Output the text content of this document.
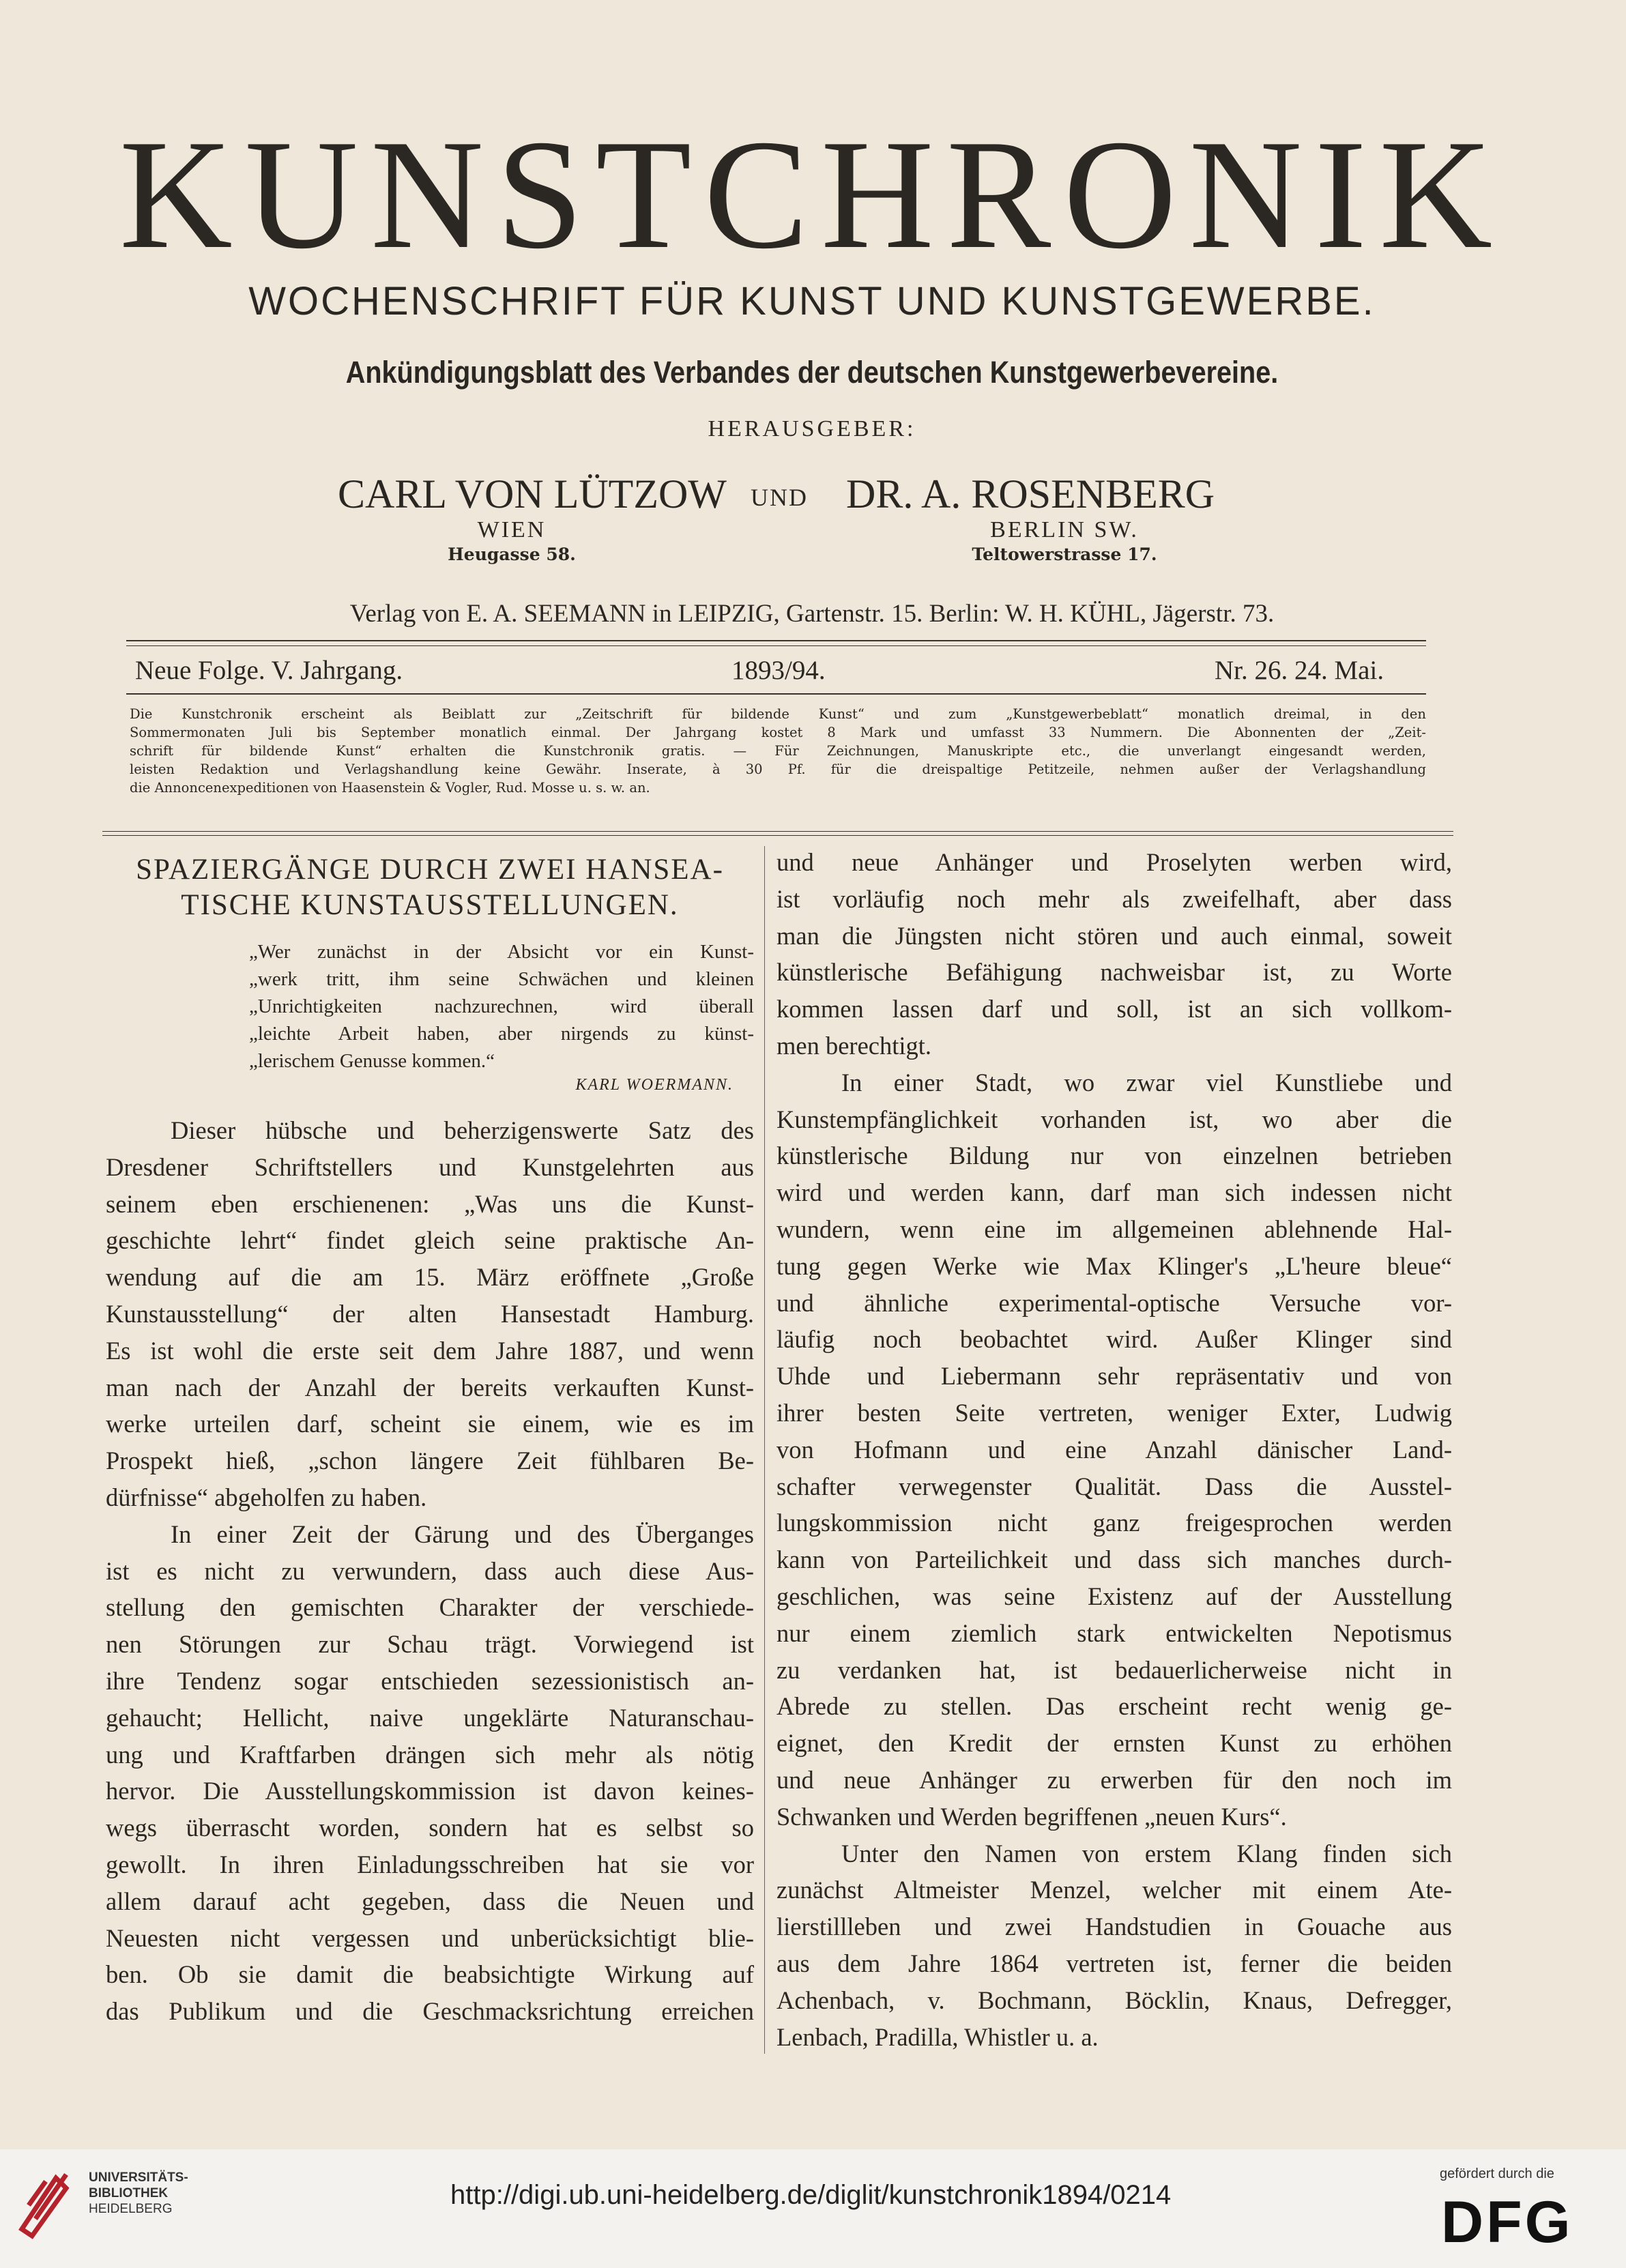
KUNSTCHRONIK
WOCHENSCHRIFT FÜR KUNST UND KUNSTGEWERBE.
Ankündigungsblatt des Verbandes der deutschen Kunstgewerbevereine.
HERAUSGEBER:
CARL VON LÜTZOW UND DR. A. ROSENBERG
WIEN	BERLIN SW.
Heugasse 58.	Teltowerstrasse 17.
Verlag von E. A. SEEMANN in LEIPZIG, Gartenstr. 15. Berlin: W. H. KÜHL, Jägerstr. 73.
Neue Folge. V. Jahrgang.	1893/94.	Nr. 26. 24. Mai.
Die Kunstchronik erscheint als Beiblatt zur „Zeitschrift für bildende Kunst“ und zum „Kunstgewerbeblatt“ monatlich dreimal, in den
Sommermonaten Juli bis September monatlich einmal. Der Jahrgang kostet 8 Mark und umfasst 33 Nummern. Die Abonnenten der „Zeit-
schrift für bildende Kunst“ erhalten die Kunstchronik gratis. — Für Zeichnungen, Manuskripte etc., die unverlangt eingesandt werden,
leisten Redaktion und Verlagshandlung keine Gewähr. Inserate, à 30 Pf. für die dreispaltige Petitzeile, nehmen außer der Verlagshandlung
die Annoncenexpeditionen von Haasenstein & Vogler, Rud. Mosse u. s. w. an.
SPAZIERGÄNGE DURCH ZWEI HANSEA-
TISCHE KUNSTAUSSTELLUNGEN.
„Wer zunächst in der Absicht vor ein Kunst-
„werk tritt, ihm seine Schwächen und kleinen
„Unrichtigkeiten nachzurechnen, wird überall
„leichte Arbeit haben, aber nirgends zu künst-
„lerischem Genusse kommen.“
KARL WOERMANN.
Dieser hübsche und beherzigenswerte Satz des
Dresdener Schriftstellers und Kunstgelehrten aus
seinem eben erschienenen: „Was uns die Kunst-
geschichte lehrt“ findet gleich seine praktische An-
wendung auf die am 15. März eröffnete „Große
Kunstausstellung“ der alten Hansestadt Hamburg.
Es ist wohl die erste seit dem Jahre 1887, und wenn
man nach der Anzahl der bereits verkauften Kunst-
werke urteilen darf, scheint sie einem, wie es im
Prospekt hieß, „schon längere Zeit fühlbaren Be-
dürfnisse“ abgeholfen zu haben.
In einer Zeit der Gärung und des Überganges
ist es nicht zu verwundern, dass auch diese Aus-
stellung den gemischten Charakter der verschiede-
nen Störungen zur Schau trägt. Vorwiegend ist
ihre Tendenz sogar entschieden sezessionistisch an-
gehaucht; Hellicht, naive ungeklärte Naturanschau-
ung und Kraftfarben drängen sich mehr als nötig
hervor. Die Ausstellungskommission ist davon keines-
wegs überrascht worden, sondern hat es selbst so
gewollt. In ihren Einladungsschreiben hat sie vor
allem darauf acht gegeben, dass die Neuen und
Neuesten nicht vergessen und unberücksichtigt blie-
ben. Ob sie damit die beabsichtigte Wirkung auf
das Publikum und die Geschmacksrichtung erreichen
und neue Anhänger und Proselyten werben wird,
ist vorläufig noch mehr als zweifelhaft, aber dass
man die Jüngsten nicht stören und auch einmal, soweit
künstlerische Befähigung nachweisbar ist, zu Worte
kommen lassen darf und soll, ist an sich vollkom-
men berechtigt.
In einer Stadt, wo zwar viel Kunstliebe und
Kunstempfänglichkeit vorhanden ist, wo aber die
künstlerische Bildung nur von einzelnen betrieben
wird und werden kann, darf man sich indessen nicht
wundern, wenn eine im allgemeinen ablehnende Hal-
tung gegen Werke wie Max Klinger's „L'heure bleue“
und ähnliche experimental-optische Versuche vor-
läufig noch beobachtet wird. Außer Klinger sind
Uhde und Liebermann sehr repräsentativ und von
ihrer besten Seite vertreten, weniger Exter, Ludwig
von Hofmann und eine Anzahl dänischer Land-
schafter verwegenster Qualität. Dass die Ausstel-
lungskommission nicht ganz freigesprochen werden
kann von Parteilichkeit und dass sich manches durch-
geschlichen, was seine Existenz auf der Ausstellung
nur einem ziemlich stark entwickelten Nepotismus
zu verdanken hat, ist bedauerlicherweise nicht in
Abrede zu stellen. Das erscheint recht wenig ge-
eignet, den Kredit der ernsten Kunst zu erhöhen
und neue Anhänger zu erwerben für den noch im
Schwanken und Werden begriffenen „neuen Kurs“.
Unter den Namen von erstem Klang finden sich
zunächst Altmeister Menzel, welcher mit einem Ate-
lierstillleben und zwei Handstudien in Gouache aus
aus dem Jahre 1864 vertreten ist, ferner die beiden
Achenbach, v. Bochmann, Böcklin, Knaus, Defregger,
Lenbach, Pradilla, Whistler u. a.
UNIVERSITÄTS-
BIBLIOTHEK
HEIDELBERG	http://digi.ub.uni-heidelberg.de/diglit/kunstchronik1894/0214
gefördert durch die
DFG
